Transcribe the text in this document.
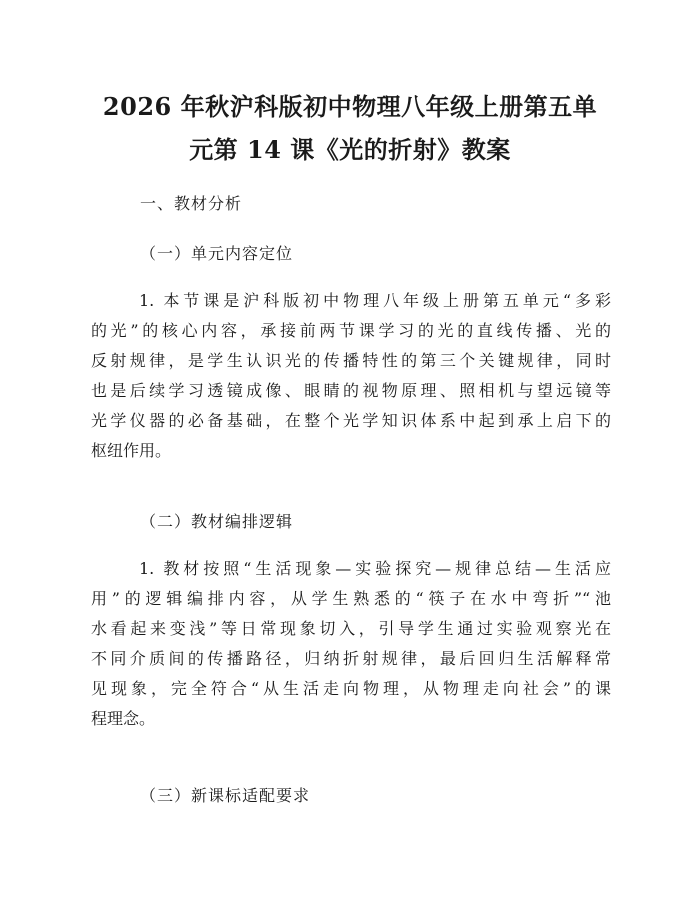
2026 年秋沪科版初中物理八年级上册第五单
元第 14 课《光的折射》教案

一、教材分析

（一）单元内容定位

1. 本节课是沪科版初中物理八年级上册第五单元“多彩
的光”的核心内容，承接前两节课学习的光的直线传播、光的
反射规律，是学生认识光的传播特性的第三个关键规律，同时
也是后续学习透镜成像、眼睛的视物原理、照相机与望远镜等
光学仪器的必备基础，在整个光学知识体系中起到承上启下的
枢纽作用。

（二）教材编排逻辑

1. 教材按照“生活现象—实验探究—规律总结—生活应
用”的逻辑编排内容，从学生熟悉的“筷子在水中弯折”“池
水看起来变浅”等日常现象切入，引导学生通过实验观察光在
不同介质间的传播路径，归纳折射规律，最后回归生活解释常
见现象，完全符合“从生活走向物理，从物理走向社会”的课
程理念。

（三）新课标适配要求
